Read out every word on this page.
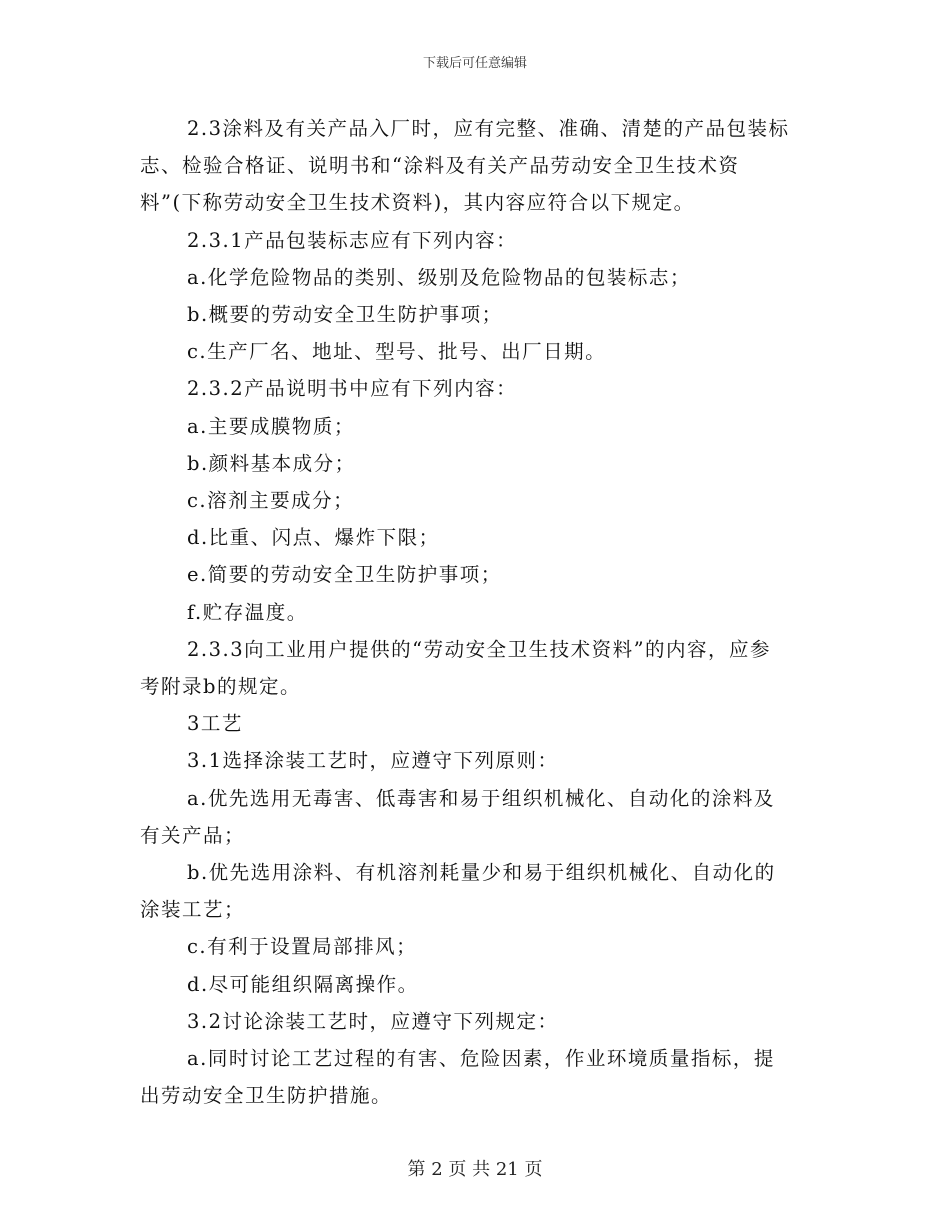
下载后可任意编辑
2.3涂料及有关产品入厂时，应有完整、准确、清楚的产品包装标
志、检验合格证、说明书和“涂料及有关产品劳动安全卫生技术资
料”(下称劳动安全卫生技术资料)，其内容应符合以下规定。
2.3.1产品包装标志应有下列内容：
a.化学危险物品的类别、级别及危险物品的包装标志；
b.概要的劳动安全卫生防护事项；
c.生产厂名、地址、型号、批号、出厂日期。
2.3.2产品说明书中应有下列内容：
a.主要成膜物质；
b.颜料基本成分；
c.溶剂主要成分；
d.比重、闪点、爆炸下限；
e.简要的劳动安全卫生防护事项；
f.贮存温度。
2.3.3向工业用户提供的“劳动安全卫生技术资料”的内容，应参
考附录b的规定。
3工艺
3.1选择涂装工艺时，应遵守下列原则：
a.优先选用无毒害、低毒害和易于组织机械化、自动化的涂料及
有关产品；
b.优先选用涂料、有机溶剂耗量少和易于组织机械化、自动化的
涂装工艺；
c.有利于设置局部排风；
d.尽可能组织隔离操作。
3.2讨论涂装工艺时，应遵守下列规定：
a.同时讨论工艺过程的有害、危险因素，作业环境质量指标，提
出劳动安全卫生防护措施。
第 2 页 共 21 页
